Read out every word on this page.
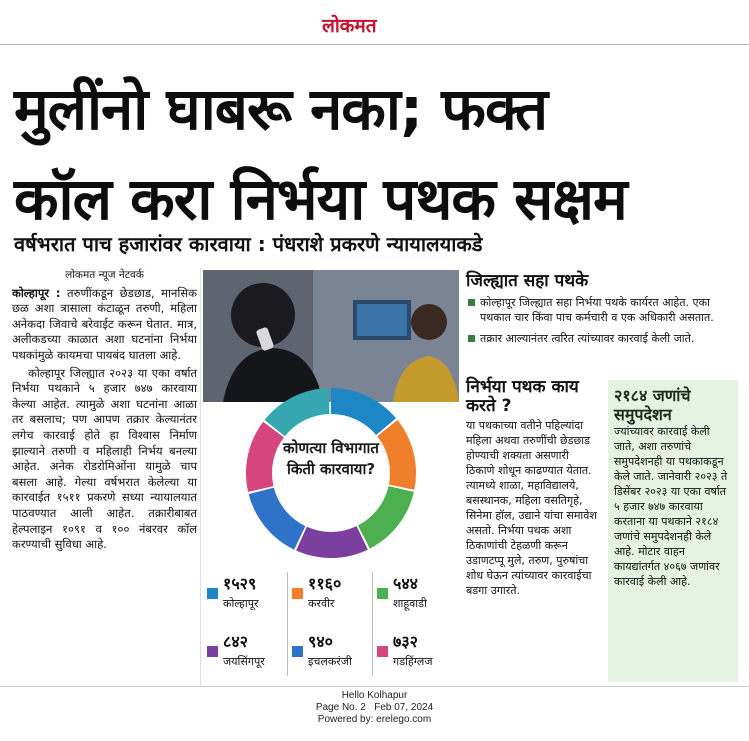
लोकमत
मुलींनो घाबरू नका; फक्त
कॉल करा निर्भया पथक सक्षम
वर्षभरात पाच हजारांवर कारवाया : पंधराशे प्रकरणे न्यायालयाकडे
लोकमत न्यूज नेटवर्क

कोल्हापूर : तरुणींकडून छेडछाड, मानसिक छळ अशा त्रासाला कंटाळून तरुणी, महिला अनेकदा जिवाचे बरेवाईट करून घेतात. मात्र, अलीकडच्या काळात अशा घटनांना निर्भया पथकांमुळे कायमचा पायबंद घातला आहे.

कोल्हापूर जिल्ह्यात २०२३ या एका वर्षात निर्भया पथकाने ५ हजार ७४७ कारवाया केल्या आहेत. त्यामुळे अशा घटनांना आळा तर बसलाच; पण आपण तक्रार केल्यानंतर लगेच कारवाई होते हा विश्वास निर्माण झाल्याने तरुणी व महिलाही निर्भय बनल्या आहेत. अनेक रोडरोमिओंना यामुळे चाप बसला आहे. गेल्या वर्षभरात केलेल्या या कारवाईत १५११ प्रकरणे सध्या न्यायालयात पाठवण्यात आली आहेत. तक्रारीबाबत हेल्पलाइन १०९१ व १०० नंबरवर कॉल करण्याची सुविधा आहे.

कोणत्या विभागात किती कारवाया?
१५२९
कोल्हापूर
११६०
करवीर
५४४
शाहूवाडी
८४२
जयसिंगपूर
९४०
इचलकरंजी
७३२
गडहिंग्लज
जिल्ह्यात सहा पथके
कोल्हापूर जिल्ह्यात सहा निर्भया पथके कार्यरत आहेत. एका पथकात चार किंवा पाच कर्मचारी व एक अधिकारी असतात.
तक्रार आल्यानंतर त्वरित त्यांच्यावर कारवाई केली जाते.
निर्भया पथक काय करते ?
या पथकाच्या वतीने पहिल्यांदा महिला अथवा तरुणींची छेडछाड होण्याची शक्यता असणारी ठिकाणे शोधून काढण्यात येतात. त्यामध्ये शाळा, महाविद्यालये, बसस्थानक, महिला वसतिगृहे, सिनेमा हॉल, उद्याने यांचा समावेश असतो. निर्भया पथक अशा ठिकाणांची टेहळणी करून उडाणटप्पू मुले, तरुण, पुरुषांचा शोध घेऊन त्यांच्यावर कारवाईचा बडगा उगारते.
२१८४ जणांचे समुपदेशन
ज्यांच्यावर कारवाई केली जाते, अशा तरुणांचे समुपदेशनही या पथकाकडून केले जाते. जानेवारी २०२३ ते डिसेंबर २०२३ या एका वर्षात ५ हजार ७४७ कारवाया करताना या पथकाने २१८४ जणांचे समुपदेशनही केले आहे. मोटार वाहन कायद्यांतर्गत ४०६७ जणांवर कारवाई केली आहे.
Hello Kolhapur
Page No. 2 Feb 07, 2024
Powered by: erelego.com
